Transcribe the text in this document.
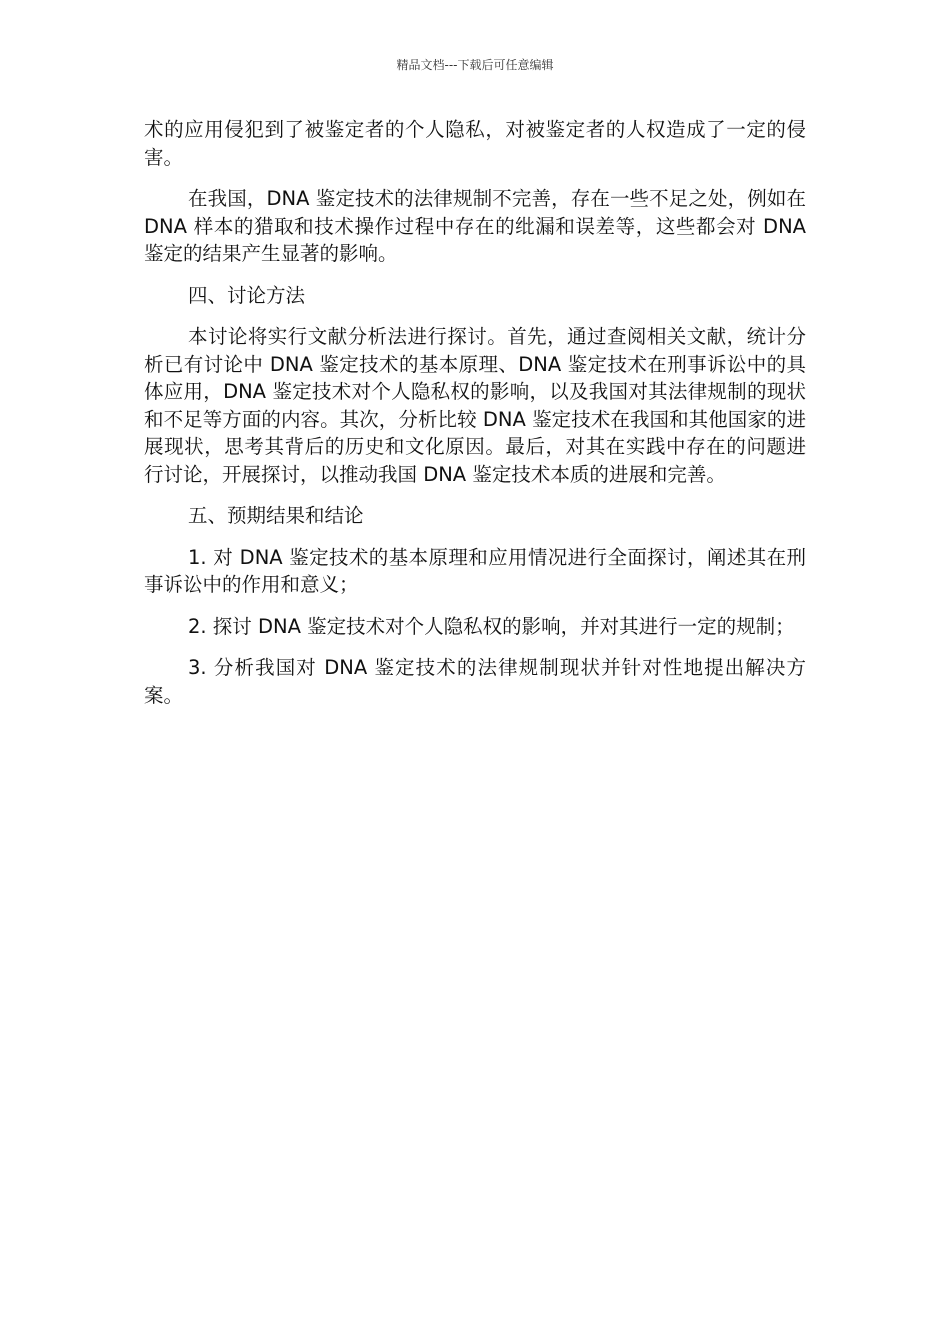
精品文档---下载后可任意编辑

术的应用侵犯到了被鉴定者的个人隐私，对被鉴定者的人权造成了一定的侵害。

在我国，DNA 鉴定技术的法律规制不完善，存在一些不足之处，例如在 DNA 样本的猎取和技术操作过程中存在的纰漏和误差等，这些都会对 DNA 鉴定的结果产生显著的影响。

四、讨论方法

本讨论将实行文献分析法进行探讨。首先，通过查阅相关文献，统计分析已有讨论中 DNA 鉴定技术的基本原理、DNA 鉴定技术在刑事诉讼中的具体应用，DNA 鉴定技术对个人隐私权的影响，以及我国对其法律规制的现状和不足等方面的内容。其次，分析比较 DNA 鉴定技术在我国和其他国家的进展现状，思考其背后的历史和文化原因。最后，对其在实践中存在的问题进行讨论，开展探讨，以推动我国 DNA 鉴定技术本质的进展和完善。

五、预期结果和结论

1. 对 DNA 鉴定技术的基本原理和应用情况进行全面探讨，阐述其在刑事诉讼中的作用和意义；

2. 探讨 DNA 鉴定技术对个人隐私权的影响，并对其进行一定的规制；

3. 分析我国对 DNA 鉴定技术的法律规制现状并针对性地提出解决方案。
